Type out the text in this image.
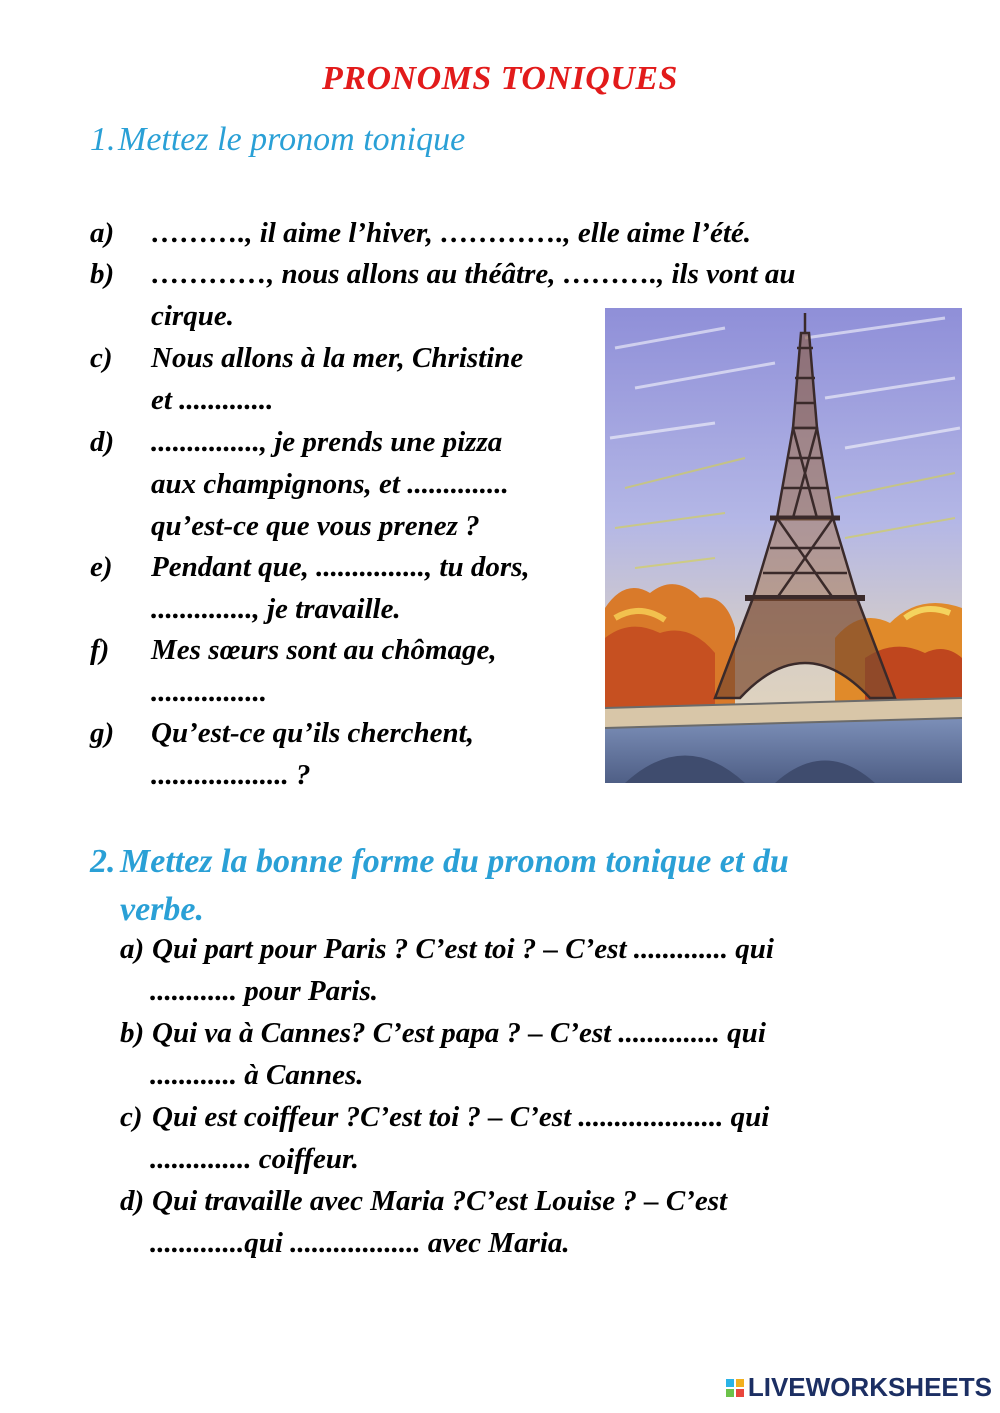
PRONOMS TONIQUES
1.Mettez le pronom tonique
a)	………., il aime l’hiver, …………., elle aime l’été.
b)	…………, nous allons au théâtre, ………., ils vont au
cirque.
c)	Nous allons à la mer, Christine
et .............
d)	..............., je prends une pizza
aux champignons, et ..............
qu’est-ce que vous prenez ?
e)	Pendant que, ..............., tu dors,
.............., je travaille.
f)	Mes sœurs sont au chômage,
................
g)	Qu’est-ce qu’ils cherchent,
................... ?
2. Mettez la bonne forme du pronom tonique et du
verbe.
a) Qui part pour Paris ? C’est toi ? – C’est ............. qui
............ pour Paris.
b) Qui va à Cannes? C’est papa ? – C’est .............. qui
............ à Cannes.
c) Qui est coiffeur ?C’est toi ? – C’est .................... qui
.............. coiffeur.
d) Qui travaille avec Maria ?C’est Louise ? – C’est
.............qui .................. avec Maria.
LIVEWORKSHEETS
